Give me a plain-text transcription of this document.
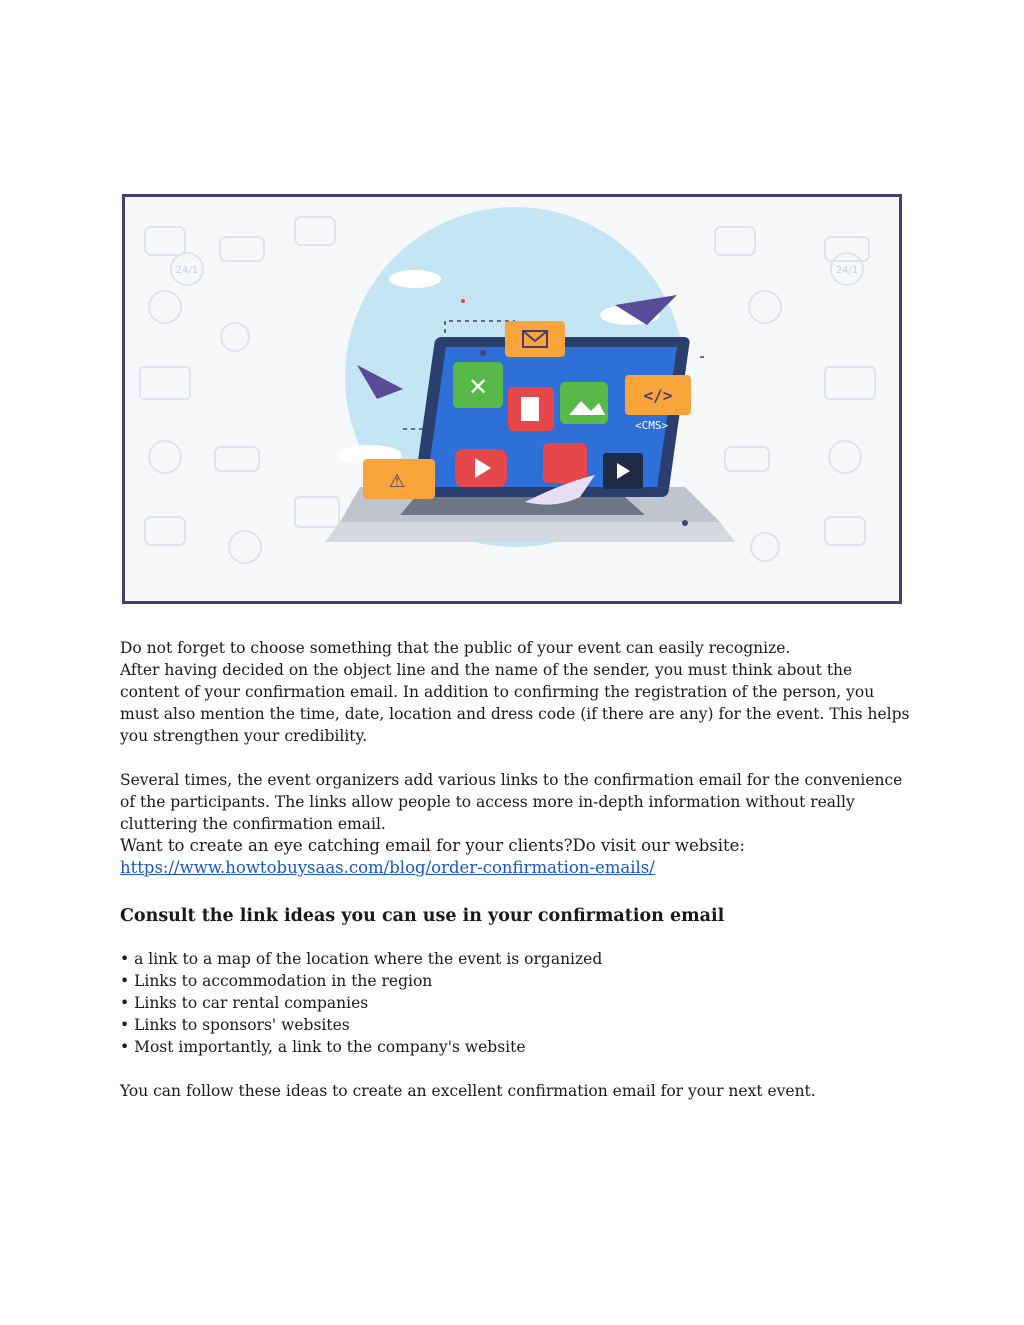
24/1	24/1
✕	</>
<CMS>
⚠

Do not forget to choose something that the public of your event can easily recognize.

After having decided on the object line and the name of the sender, you must think about the content of your confirmation email. In addition to confirming the registration of the person, you must also mention the time, date, location and dress code (if there are any) for the event. This helps you strengthen your credibility.

Several times, the event organizers add various links to the confirmation email for the convenience of the participants. The links allow people to access more in-depth information without really cluttering the confirmation email.

Want to create an eye catching email for your clients?Do visit our website:

https://www.howtobuysaas.com/blog/order-confirmation-emails/
Consult the link ideas you can use in your confirmation email
• a link to a map of the location where the event is organized
• Links to accommodation in the region
• Links to car rental companies
• Links to sponsors' websites
• Most importantly, a link to the company's website

You can follow these ideas to create an excellent confirmation email for your next event.
